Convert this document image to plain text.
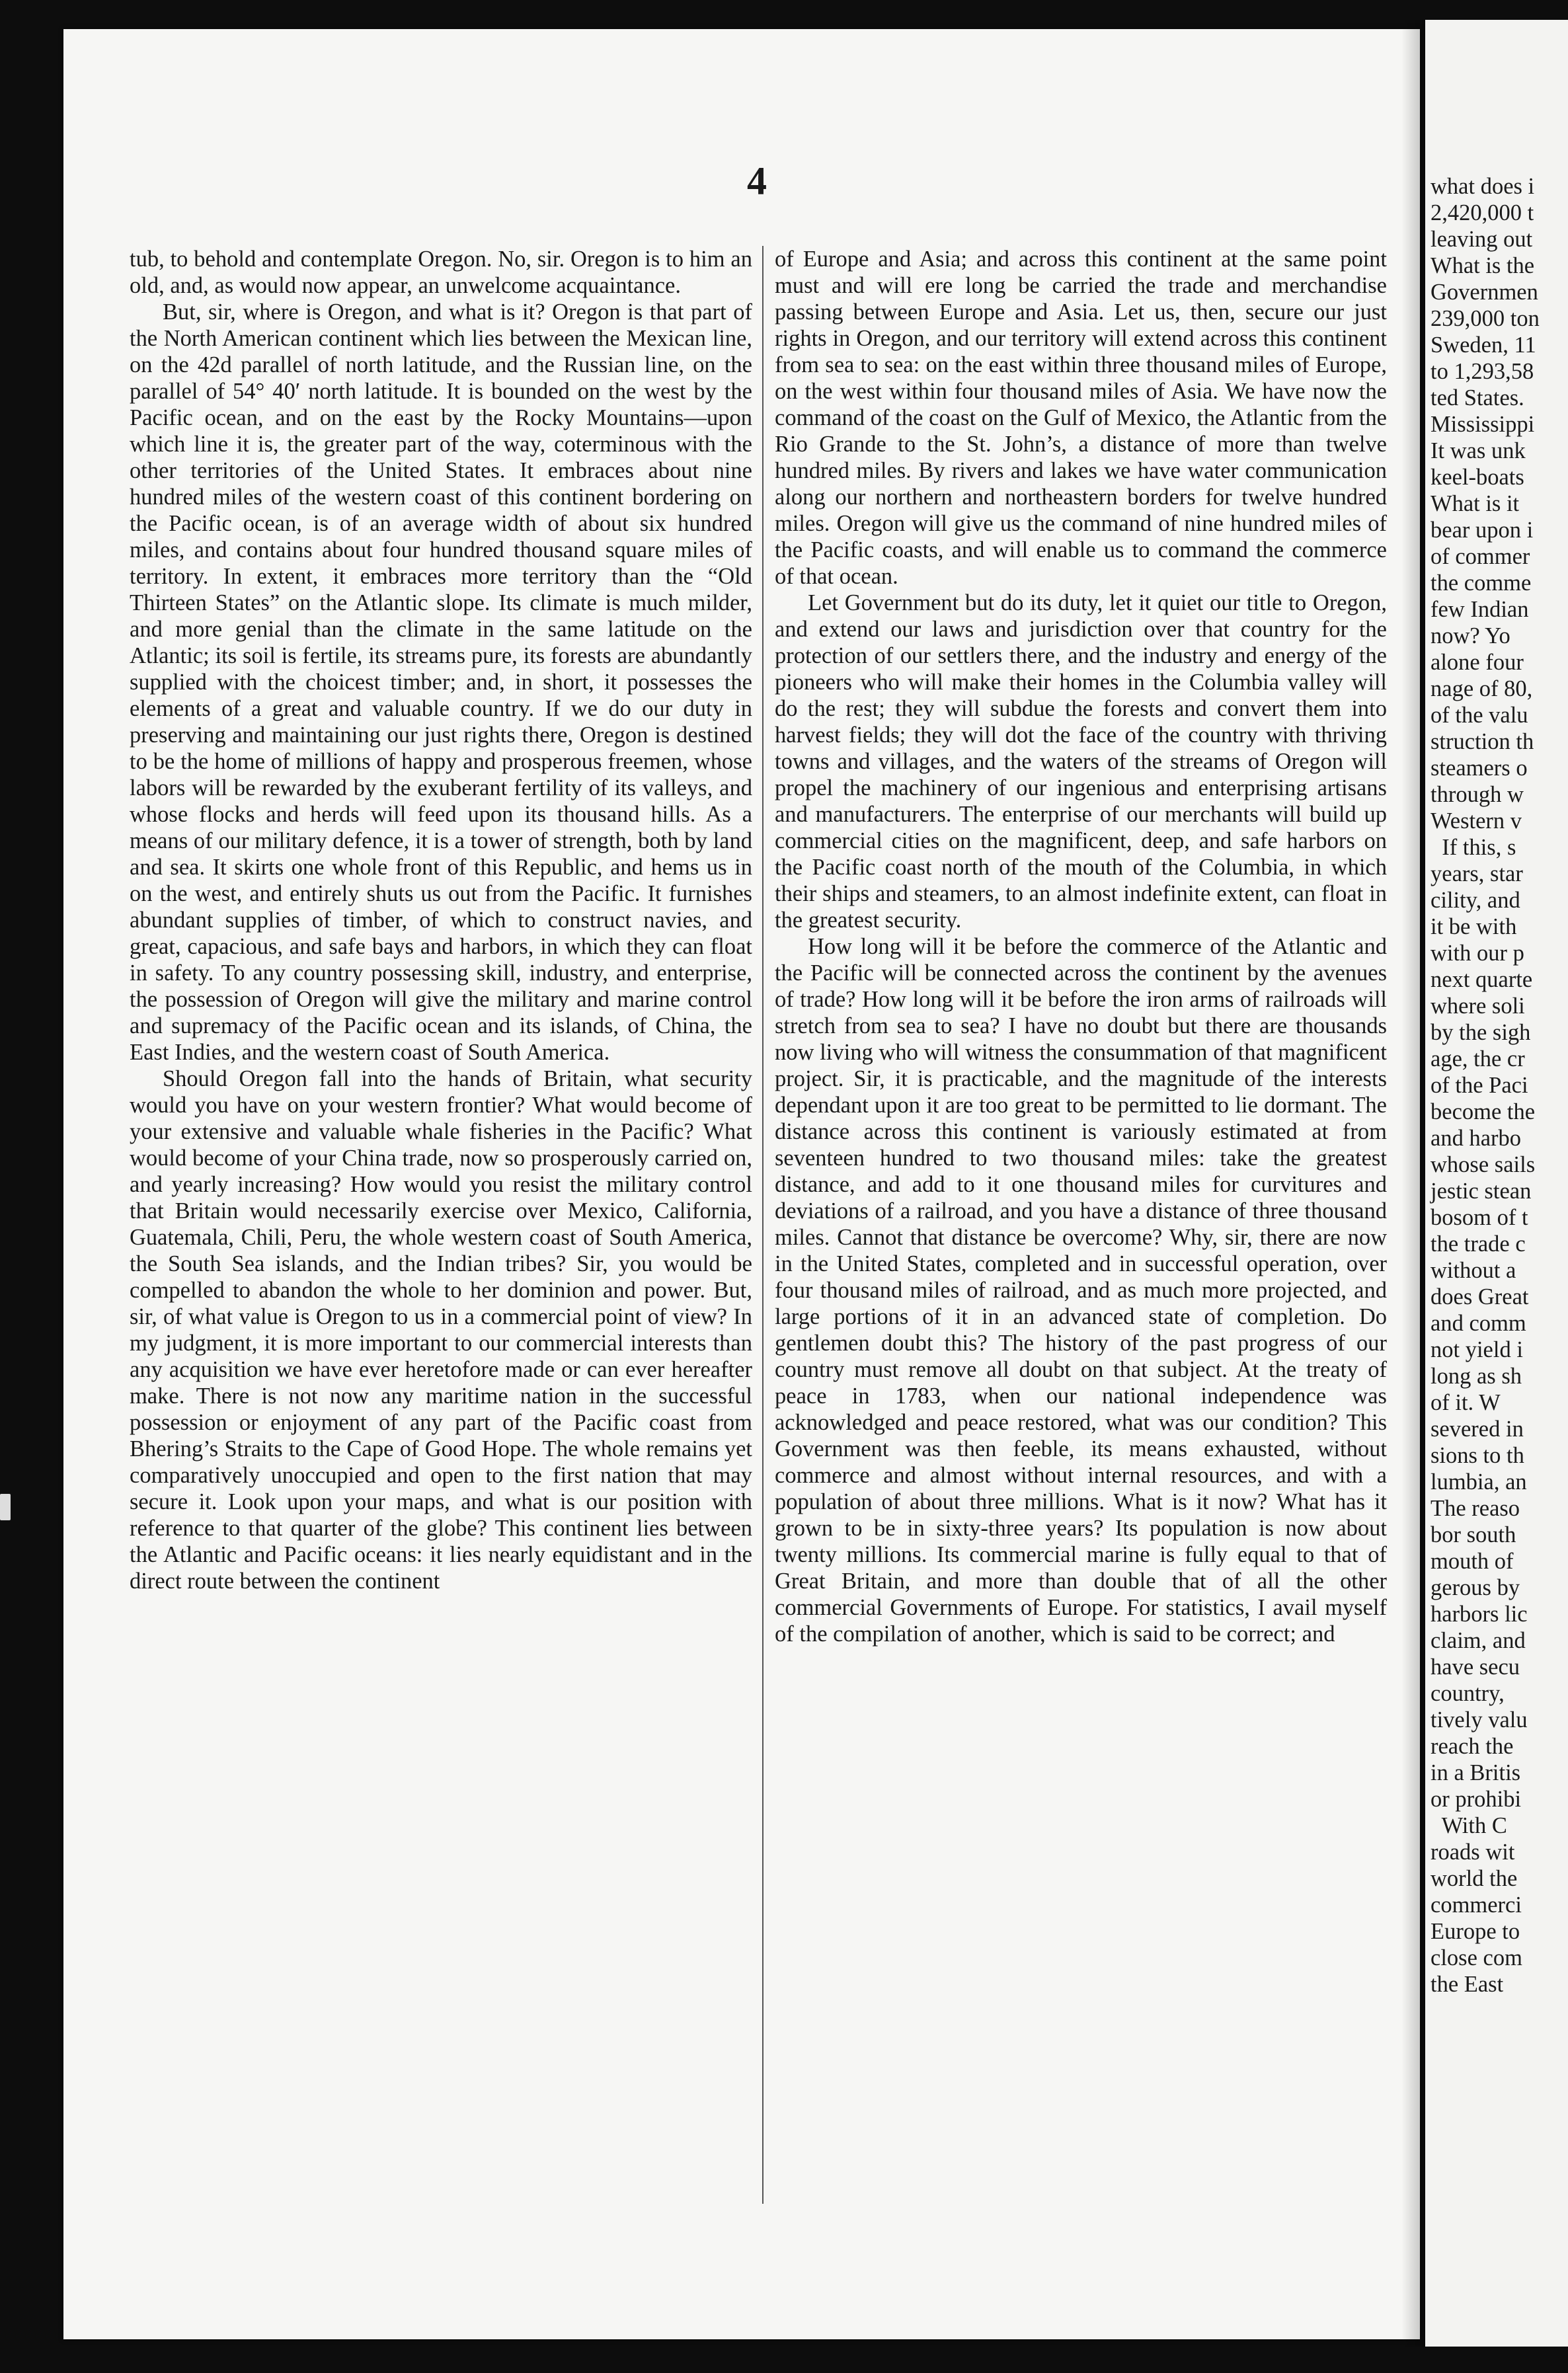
4

tub, to behold and contemplate Oregon. No, sir. Oregon is to him an old, and, as would now appear, an unwelcome acquaintance.

But, sir, where is Oregon, and what is it? Oregon is that part of the North American continent which lies between the Mexican line, on the 42d parallel of north latitude, and the Russian line, on the parallel of 54° 40′ north latitude. It is bounded on the west by the Pacific ocean, and on the east by the Rocky Mountains—upon which line it is, the greater part of the way, coterminous with the other territories of the United States. It embraces about nine hundred miles of the western coast of this continent bordering on the Pacific ocean, is of an average width of about six hundred miles, and contains about four hundred thousand square miles of territory. In extent, it embraces more territory than the “Old Thirteen States” on the Atlantic slope. Its climate is much milder, and more genial than the climate in the same latitude on the Atlantic; its soil is fertile, its streams pure, its forests are abundantly supplied with the choicest timber; and, in short, it possesses the elements of a great and valuable country. If we do our duty in preserving and maintaining our just rights there, Oregon is destined to be the home of millions of happy and prosperous freemen, whose labors will be rewarded by the exuberant fertility of its valleys, and whose flocks and herds will feed upon its thousand hills. As a means of our military defence, it is a tower of strength, both by land and sea. It skirts one whole front of this Republic, and hems us in on the west, and entirely shuts us out from the Pacific. It furnishes abundant supplies of timber, of which to construct navies, and great, capacious, and safe bays and harbors, in which they can float in safety. To any country possessing skill, industry, and enterprise, the possession of Oregon will give the military and marine control and supremacy of the Pacific ocean and its islands, of China, the East Indies, and the western coast of South America.

Should Oregon fall into the hands of Britain, what security would you have on your western frontier? What would become of your extensive and valuable whale fisheries in the Pacific? What would become of your China trade, now so prosperously carried on, and yearly increasing? How would you resist the military control that Britain would necessarily exercise over Mexico, California, Guatemala, Chili, Peru, the whole western coast of South America, the South Sea islands, and the Indian tribes? Sir, you would be compelled to abandon the whole to her dominion and power. But, sir, of what value is Oregon to us in a commercial point of view? In my judgment, it is more important to our commercial interests than any acquisition we have ever heretofore made or can ever hereafter make. There is not now any maritime nation in the successful possession or enjoyment of any part of the Pacific coast from Bhering’s Straits to the Cape of Good Hope. The whole remains yet comparatively unoccupied and open to the first nation that may secure it. Look upon your maps, and what is our position with reference to that quarter of the globe? This continent lies between the Atlantic and Pacific oceans: it lies nearly equidistant and in the direct route between the continent

of Europe and Asia; and across this continent at the same point must and will ere long be carried the trade and merchandise passing between Europe and Asia. Let us, then, secure our just rights in Oregon, and our territory will extend across this continent from sea to sea: on the east within three thousand miles of Europe, on the west within four thousand miles of Asia. We have now the command of the coast on the Gulf of Mexico, the Atlantic from the Rio Grande to the St. John’s, a distance of more than twelve hundred miles. By rivers and lakes we have water communication along our northern and northeastern borders for twelve hundred miles. Oregon will give us the command of nine hundred miles of the Pacific coasts, and will enable us to command the commerce of that ocean.

Let Government but do its duty, let it quiet our title to Oregon, and extend our laws and jurisdiction over that country for the protection of our settlers there, and the industry and energy of the pioneers who will make their homes in the Columbia valley will do the rest; they will subdue the forests and convert them into harvest fields; they will dot the face of the country with thriving towns and villages, and the waters of the streams of Oregon will propel the machinery of our ingenious and enterprising artisans and manufacturers. The enterprise of our merchants will build up commercial cities on the magnificent, deep, and safe harbors on the Pacific coast north of the mouth of the Columbia, in which their ships and steamers, to an almost indefinite extent, can float in the greatest security.

How long will it be before the commerce of the Atlantic and the Pacific will be connected across the continent by the avenues of trade? How long will it be before the iron arms of railroads will stretch from sea to sea? I have no doubt but there are thousands now living who will witness the consummation of that magnificent project. Sir, it is practicable, and the magnitude of the interests dependant upon it are too great to be permitted to lie dormant. The distance across this continent is variously estimated at from seventeen hundred to two thousand miles: take the greatest distance, and add to it one thousand miles for curvitures and deviations of a railroad, and you have a distance of three thousand miles. Cannot that distance be overcome? Why, sir, there are now in the United States, completed and in successful operation, over four thousand miles of railroad, and as much more projected, and large portions of it in an advanced state of completion. Do gentlemen doubt this? The history of the past progress of our country must remove all doubt on that subject. At the treaty of peace in 1783, when our national independence was acknowledged and peace restored, what was our condition? This Government was then feeble, its means exhausted, without commerce and almost without internal resources, and with a population of about three millions. What is it now? What has it grown to be in sixty-three years? Its population is now about twenty millions. Its commercial marine is fully equal to that of Great Britain, and more than double that of all the other commercial Governments of Europe. For statistics, I avail myself of the compilation of another, which is said to be correct; and

what does i
2,420,000 t
leaving out
What is the
Governmen
239,000 ton
Sweden, 11
to 1,293,58
ted States.
Mississippi
It was unk
keel-boats
What is it
bear upon i
of commer
the comme
few Indian
now? Yo
alone four
nage of 80,
of the valu
struction th
steamers o
through w
Western v
If this, s
years, star
cility, and
it be with
with our p
next quarte
where soli
by the sigh
age, the cr
of the Paci
become the
and harbo
whose sails
jestic stean
bosom of t
the trade c
without a
does Great
and comm
not yield i
long as sh
of it. W
severed in
sions to th
lumbia, an
The reaso
bor south
mouth of
gerous by
harbors lic
claim, and
have secu
country,
tively valu
reach the
in a Britis
or prohibi
With C
roads wit
world the
commerci
Europe to
close com
the East
